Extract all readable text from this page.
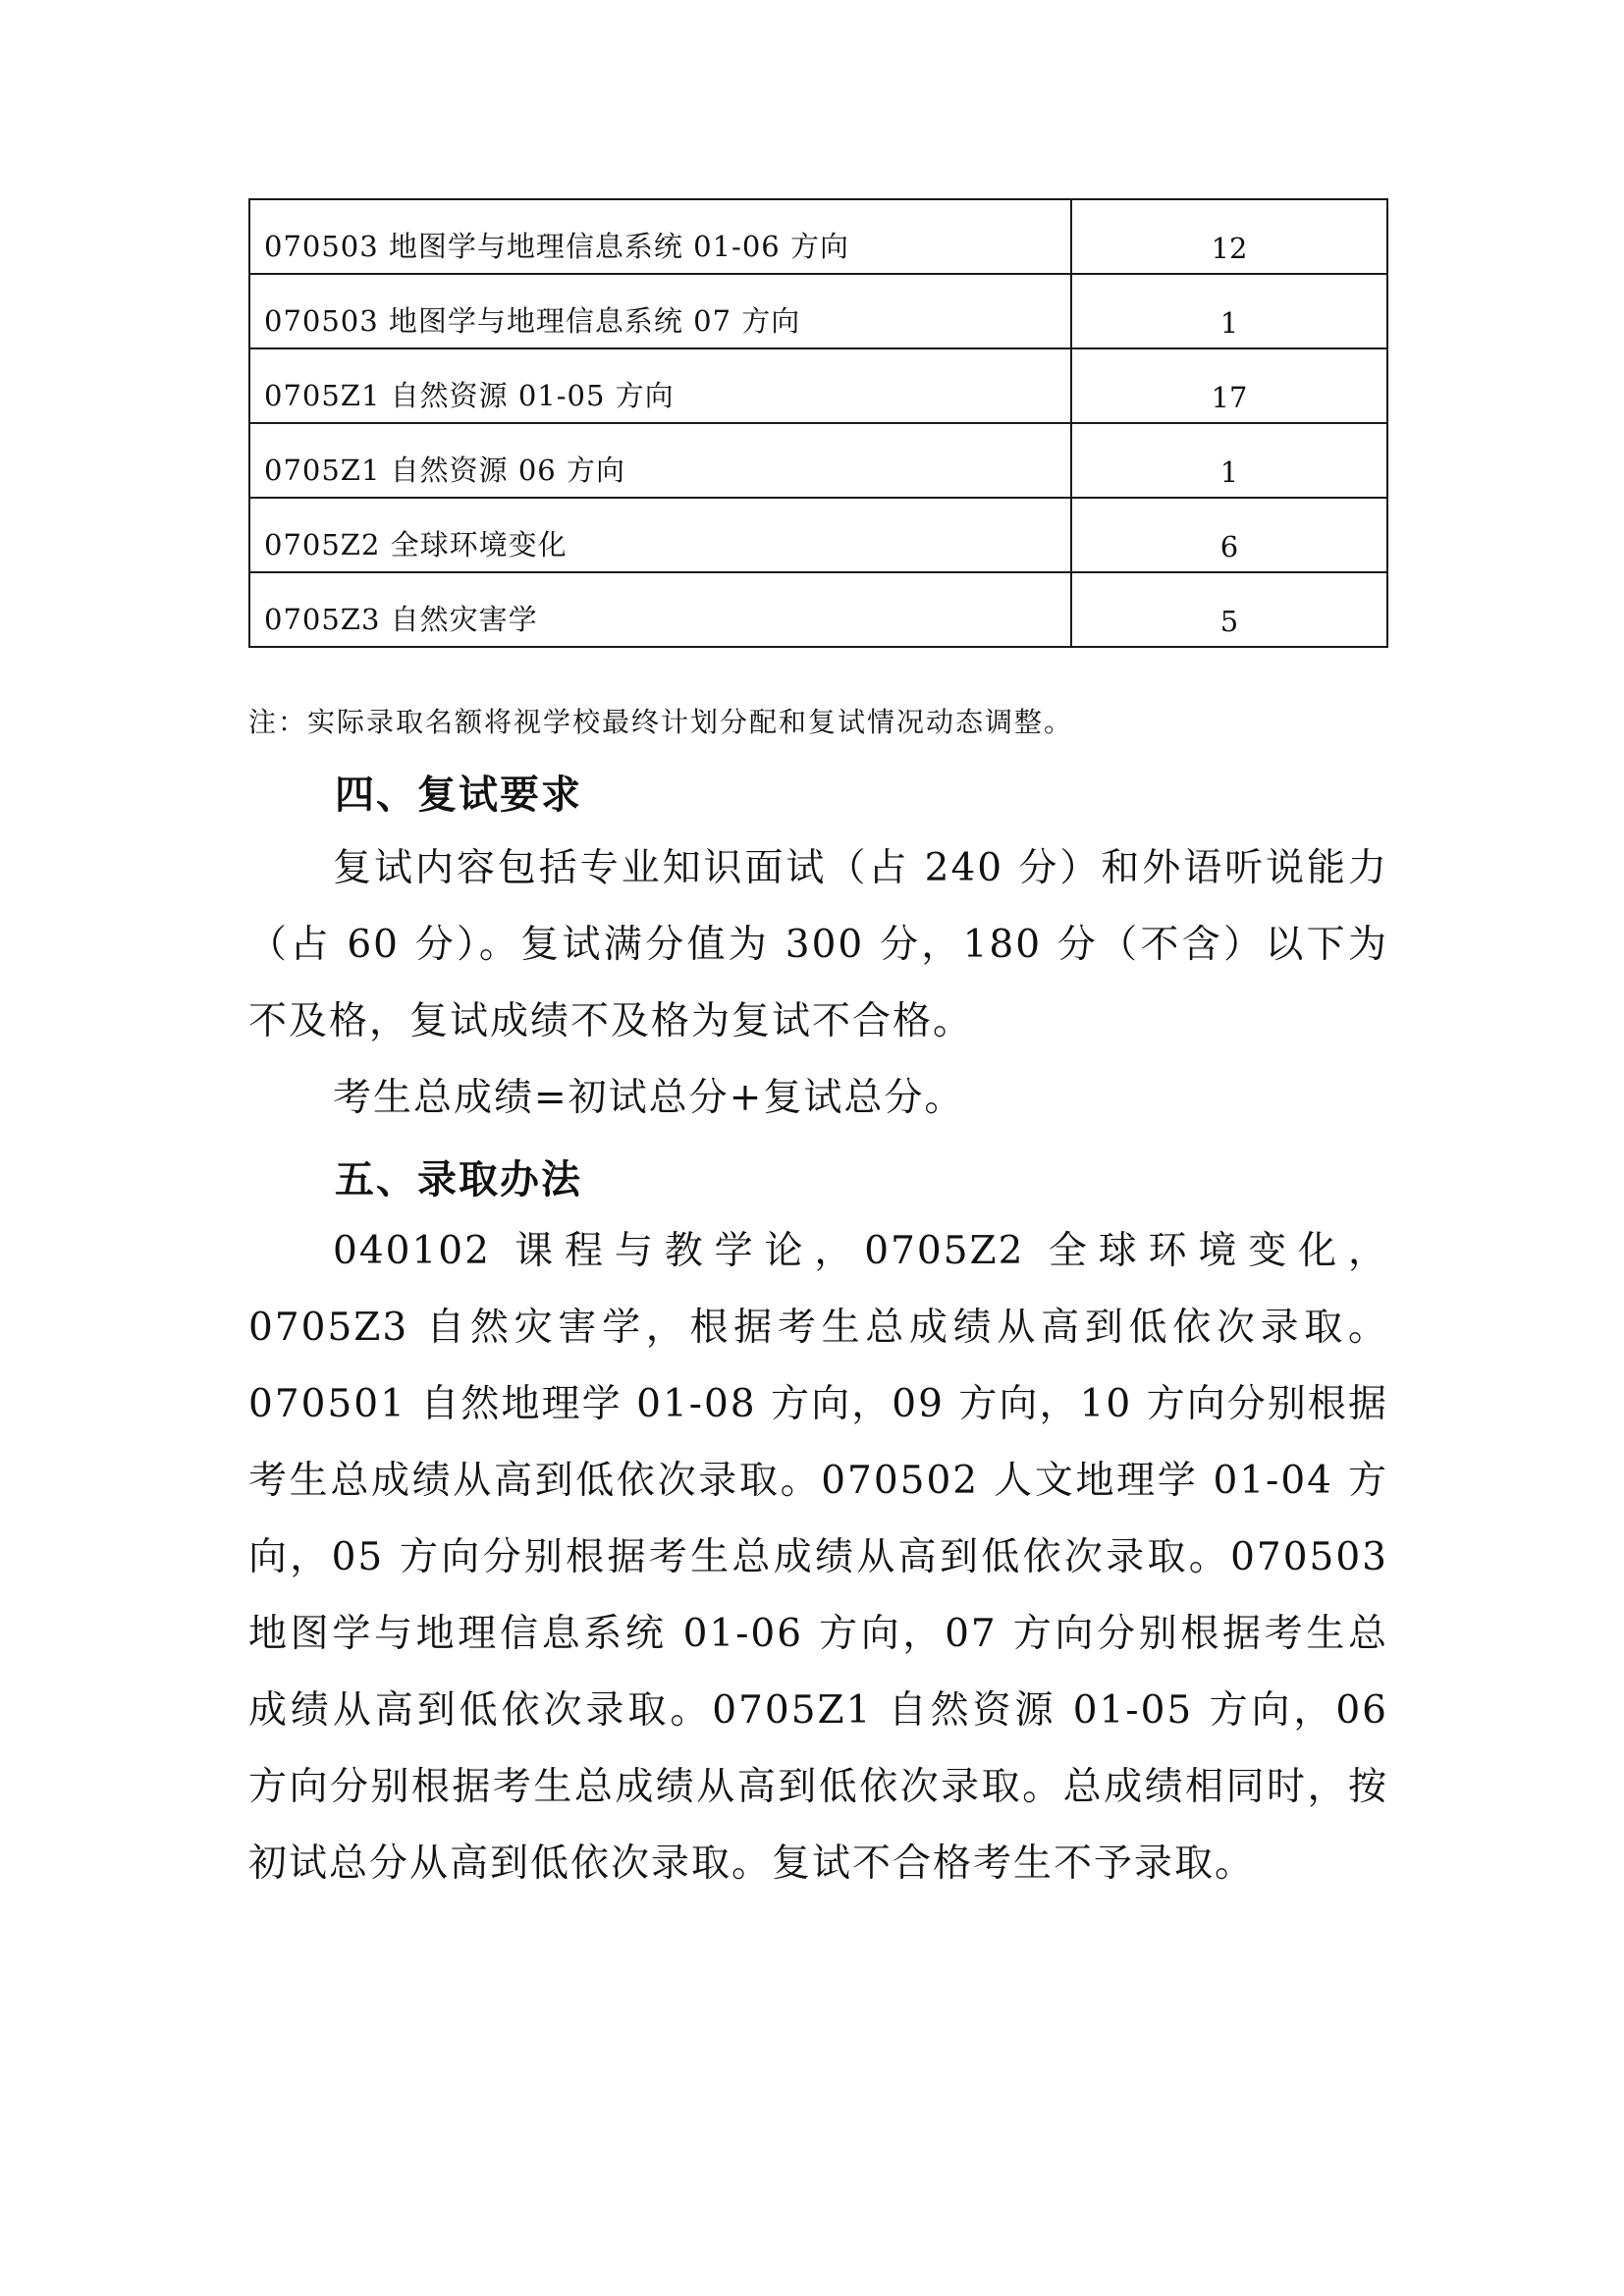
070503 地图学与地理信息系统 01-06 方向	12
070503 地图学与地理信息系统 07 方向	1
0705Z1 自然资源 01-05 方向	17
0705Z1 自然资源 06 方向	1
0705Z2 全球环境变化	6
0705Z3 自然灾害学	5
注：实际录取名额将视学校最终计划分配和复试情况动态调整。
四、复试要求

复试内容包括专业知识面试（占 240 分）和外语听说能力（占 60 分）。复试满分值为 300 分，180 分（不含）以下为不及格，复试成绩不及格为复试不合格。

考生总成绩=初试总分+复试总分。

五、录取办法

040102 课程与教学论，0705Z2 全球环境变化，0705Z3 自然灾害学，根据考生总成绩从高到低依次录取。070501 自然地理学 01-08 方向，09 方向，10 方向分别根据考生总成绩从高到低依次录取。070502 人文地理学 01-04 方向，05 方向分别根据考生总成绩从高到低依次录取。070503 地图学与地理信息系统 01-06 方向，07 方向分别根据考生总成绩从高到低依次录取。0705Z1 自然资源 01-05 方向，06 方向分别根据考生总成绩从高到低依次录取。总成绩相同时，按初试总分从高到低依次录取。复试不合格考生不予录取。
